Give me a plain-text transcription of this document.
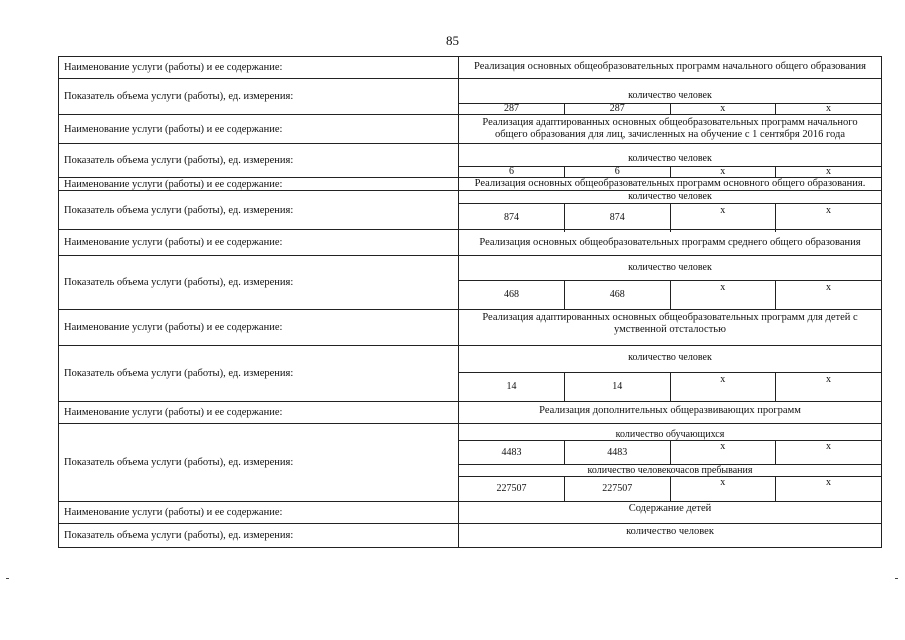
85
Наименование услуги (работы) и ее содержание:	Реализация основных общеобразовательных программ начального общего образования
Показатель объема услуги (работы), ед. измерения:	количество человек
287	287	х	х

Наименование услуги (работы) и ее содержание:	Реализация адаптированных основных общеобразовательных программ начального общего образования для лиц, зачисленных на обучение с 1 сентября 2016 года
Показатель объема услуги (работы), ед. измерения:	количество человек
6	6	х	х

Наименование услуги (работы) и ее содержание:	Реализация основных общеобразовательных программ основного общего образования.
Показатель объема услуги (работы), ед. измерения:	
количество человек
874	874	х	х

Наименование услуги (работы) и ее содержание:	Реализация основных общеобразовательных программ среднего общего образования
Показатель объема услуги (работы), ед. измерения:	
количество человек
468	468	х	х

Наименование услуги (работы) и ее содержание:	Реализация адаптированных основных общеобразовательных программ для детей с умственной отсталостью
Показатель объема услуги (работы), ед. измерения:	
количество человек
14	14	х	х

Наименование услуги (работы) и ее содержание:	Реализация дополнительных общеразвивающих программ
Показатель объема услуги (работы), ед. измерения:	
количество обучающихся
4483	4483	х	х
количество человекочасов пребывания
227507	227507	х	х

Наименование услуги (работы) и ее содержание:	Содержание детей
Показатель объема услуги (работы), ед. измерения:	количество человек
